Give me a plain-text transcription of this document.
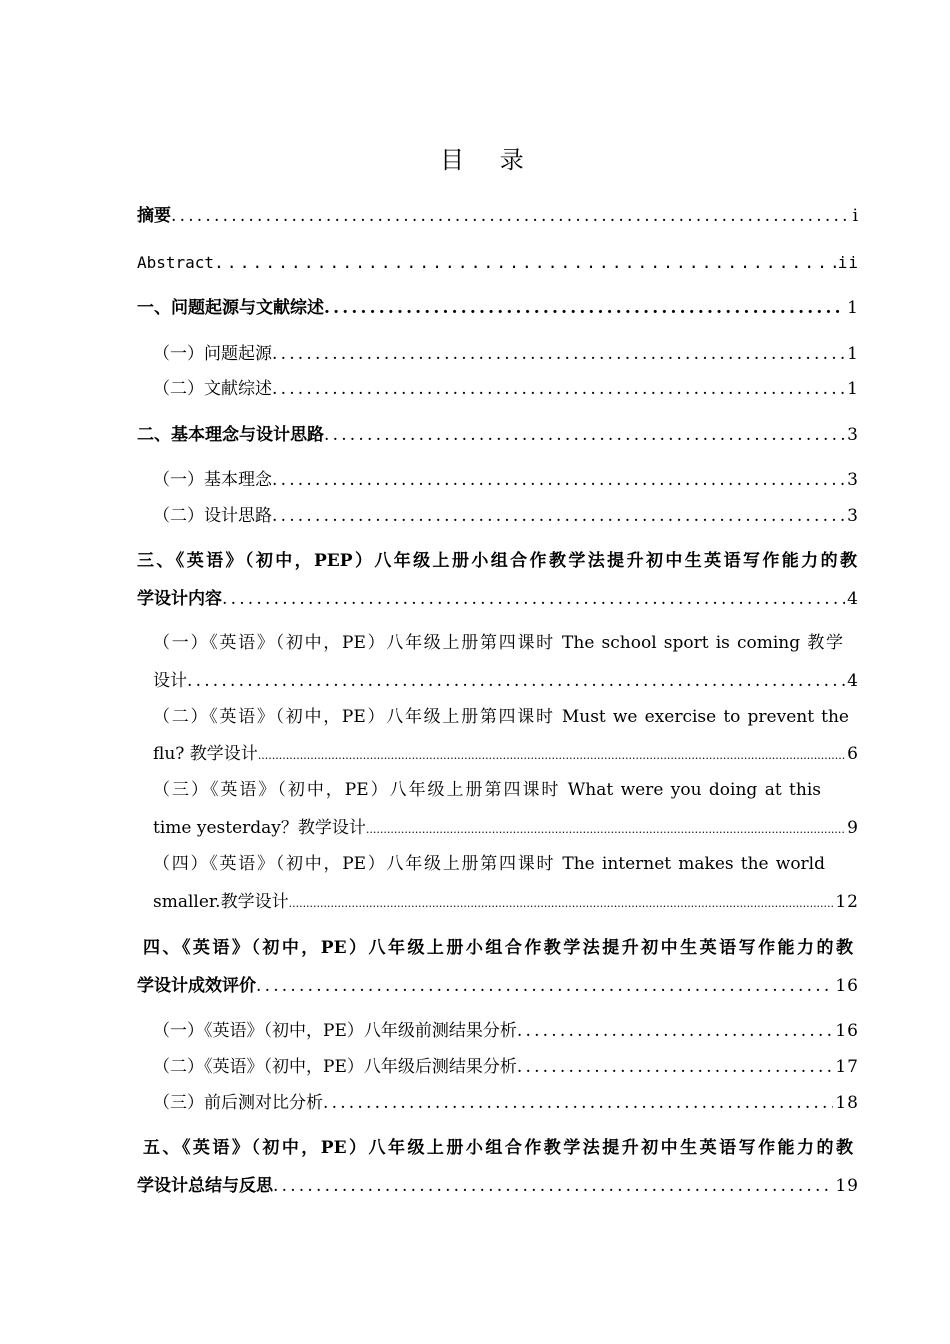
目 录
摘要 .....	i
Abstract .....	ii
一、问题起源与文献综述 .....	1
（一）问题起源 .....	1
（二）文献综述 .....	1
二、基本理念与设计思路 .....	3
（一）基本理念 .....	3
（二）设计思路 .....	3
三、《英语》（初中，PEP）八年级上册小组合作教学法提升初中生英语写作能力的教
学设计内容 .....	4
（一）《英语》（初中，PE）八年级上册第四课时 The school sport is coming 教学
设计 .....	4
（二）《英语》（初中，PE）八年级上册第四课时 Must we exercise to prevent the
flu? 教学设计 .....	6
（三）《英语》（初中，PE）八年级上册第四课时 What were you doing at this
time yesterday？教学设计 .....	9
（四）《英语》（初中，PE）八年级上册第四课时 The internet makes the world
smaller.教学设计 .....	12
四、《英语》（初中，PE）八年级上册小组合作教学法提升初中生英语写作能力的教
学设计成效评价 .....	16
（一）《英语》（初中，PE）八年级前测结果分析 .....	16
（二）《英语》（初中，PE）八年级后测结果分析 .....	17
（三）前后测对比分析 .....	18
五、《英语》（初中，PE）八年级上册小组合作教学法提升初中生英语写作能力的教
学设计总结与反思 .....	19
